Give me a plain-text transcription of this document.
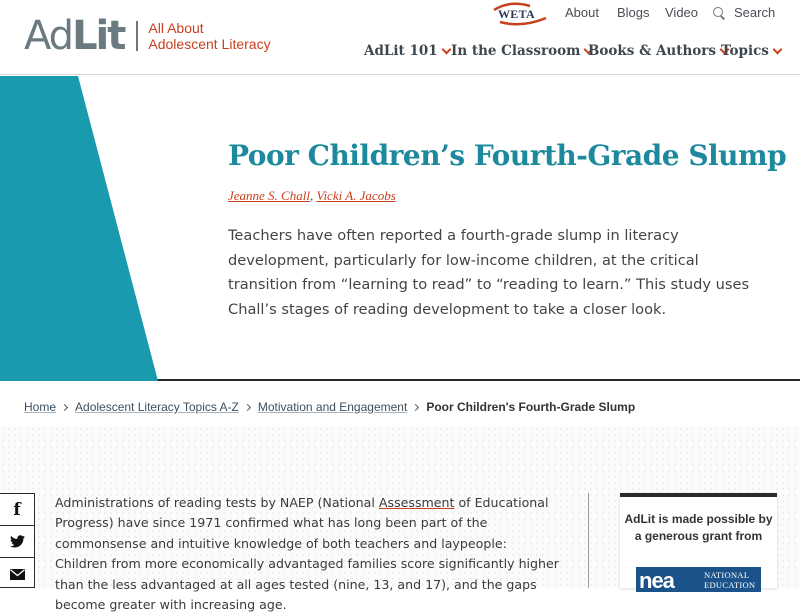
Ad Lit All About
Adolescent Literacy
WETA About Blogs Video	Search
AdLit 101 In the Classroom Books & Authors Topics
Poor Children’s Fourth-Grade Slump
Jeanne S. Chall, Vicki A. Jacobs

Teachers have often reported a fourth-grade slump in literacy development, particularly for low-income children, at the critical transition from “learning to read” to “reading to learn.” This study uses Chall’s stages of reading development to take a closer look.

Home Adolescent Literacy Topics A-Z Motivation and Engagement Poor Children's Fourth-Grade Slump
f	Administrations of reading tests by NAEP (National Assessment of Educational Progress) have since 1971 confirmed what has long been part of the commonsense and intuitive knowledge of both teachers and laypeople: Children from more economically advantaged families score significantly higher than the less advantaged at all ages tested (nine, 13, and 17), and the gaps become greater with increasing age.

AdLit is made possible by a generous grant from
nea	NATIONAL
EDUCATION
